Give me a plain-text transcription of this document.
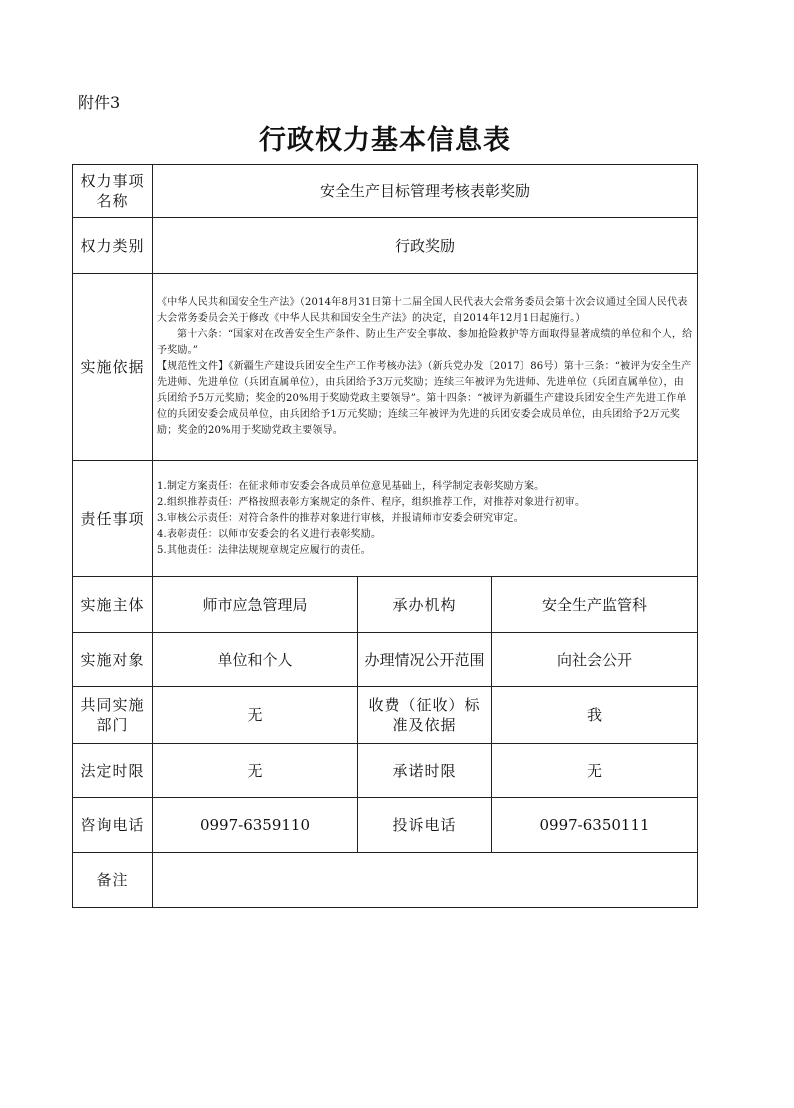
附件3
行政权力基本信息表
权力事项名称	安全生产目标管理考核表彰奖励		
权力类别	行政奖励		
实施依据	《中华人民共和国安全生产法》（2014年8月31日第十二届全国人民代表大会常务委员会第十次会议通过全国人民代表大会常务委员会关于修改《中华人民共和国安全生产法》的决定，自2014年12月1日起施行。）

第十六条：“国家对在改善安全生产条件、防止生产安全事故、参加抢险救护等方面取得显著成绩的单位和个人，给予奖励。”

【规范性文件】《新疆生产建设兵团安全生产工作考核办法》（新兵党办发〔2017〕86号）第十三条：“被评为安全生产先进师、先进单位（兵团直属单位），由兵团给予3万元奖励；连续三年被评为先进师、先进单位（兵团直属单位），由兵团给予5万元奖励；奖金的20%用于奖励党政主要领导”。第十四条：“被评为新疆生产建设兵团安全生产先进工作单位的兵团安委会成员单位，由兵团给予1万元奖励；连续三年被评为先进的兵团安委会成员单位，由兵团给予2万元奖励；奖金的20%用于奖励党政主要领导。		

责任事项	1.制定方案责任：在征求师市安委会各成员单位意见基础上，科学制定表彰奖励方案。

2.组织推荐责任：严格按照表彰方案规定的条件、程序，组织推荐工作，对推荐对象进行初审。

3.审核公示责任：对符合条件的推荐对象进行审核，并报请师市安委会研究审定。

4.表彰责任：以师市安委会的名义进行表彰奖励。

5.其他责任：法律法规规章规定应履行的责任。		

实施主体	师市应急管理局	承办机构	安全生产监管科
实施对象	单位和个人	办理情况公开范围	向社会公开
共同实施部门	无	收费（征收）标准及依据	我
法定时限	无	承诺时限	无
咨询电话	0997-6359110	投诉电话	0997-6350111
备注			
